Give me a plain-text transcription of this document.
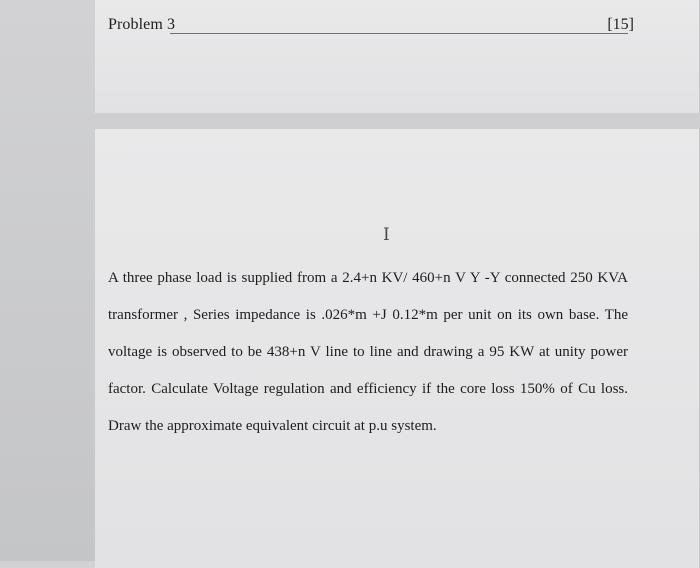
Problem 3	[15]
I

A three phase load is supplied from a 2.4+n KV/ 460+n V Y -Y connected 250 KVA transformer , Series impedance is .026*m +J 0.12*m per unit on its own base. The voltage is observed to be 438+n V line to line and drawing a 95 KW at unity power factor. Calculate Voltage regulation and efficiency if the core loss 150% of Cu loss. Draw the approximate equivalent circuit at p.u system.
